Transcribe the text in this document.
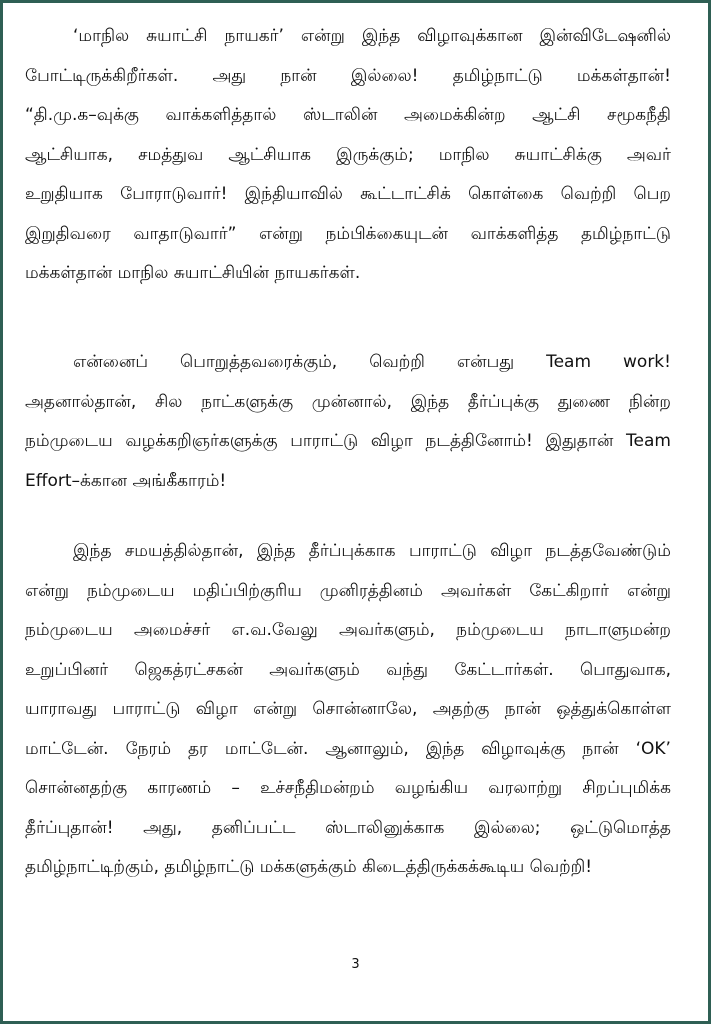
‘மாநில சுயாட்சி நாயகர்’ என்று இந்த விழாவுக்கான இன்விடேஷனில்
போட்டிருக்கிறீர்கள். அது நான் இல்லை! தமிழ்நாட்டு மக்கள்தான்!
“தி.மு.க–வுக்கு வாக்களித்தால் ஸ்டாலின் அமைக்கின்ற ஆட்சி சமூகநீதி
ஆட்சியாக, சமத்துவ ஆட்சியாக இருக்கும்; மாநில சுயாட்சிக்கு அவர்
உறுதியாக போராடுவார்! இந்தியாவில் கூட்டாட்சிக் கொள்கை வெற்றி பெற
இறுதிவரை வாதாடுவார்” என்று நம்பிக்கையுடன் வாக்களித்த தமிழ்நாட்டு
மக்கள்தான் மாநில சுயாட்சியின் நாயகர்கள்.
என்னைப் பொறுத்தவரைக்கும், வெற்றி என்பது Team work!
அதனால்தான், சில நாட்களுக்கு முன்னால், இந்த தீர்ப்புக்கு துணை நின்ற
நம்முடைய வழக்கறிஞர்களுக்கு பாராட்டு விழா நடத்தினோம்! இதுதான் Team
Effort–க்கான அங்கீகாரம்!
இந்த சமயத்தில்தான், இந்த தீர்ப்புக்காக பாராட்டு விழா நடத்தவேண்டும்
என்று நம்முடைய மதிப்பிற்குரிய முனிரத்தினம் அவர்கள் கேட்கிறார் என்று
நம்முடைய அமைச்சர் எ.வ.வேலு அவர்களும், நம்முடைய நாடாளுமன்ற
உறுப்பினர் ஜெகத்ரட்சகன் அவர்களும் வந்து கேட்டார்கள். பொதுவாக,
யாராவது பாராட்டு விழா என்று சொன்னாலே, அதற்கு நான் ஒத்துக்கொள்ள
மாட்டேன். நேரம் தர மாட்டேன். ஆனாலும், இந்த விழாவுக்கு நான் ‘OK’
சொன்னதற்கு காரணம் – உச்சநீதிமன்றம் வழங்கிய வரலாற்று சிறப்புமிக்க
தீர்ப்புதான்! அது, தனிப்பட்ட ஸ்டாலினுக்காக இல்லை; ஒட்டுமொத்த
தமிழ்நாட்டிற்கும், தமிழ்நாட்டு மக்களுக்கும் கிடைத்திருக்கக்கூடிய வெற்றி!
3
